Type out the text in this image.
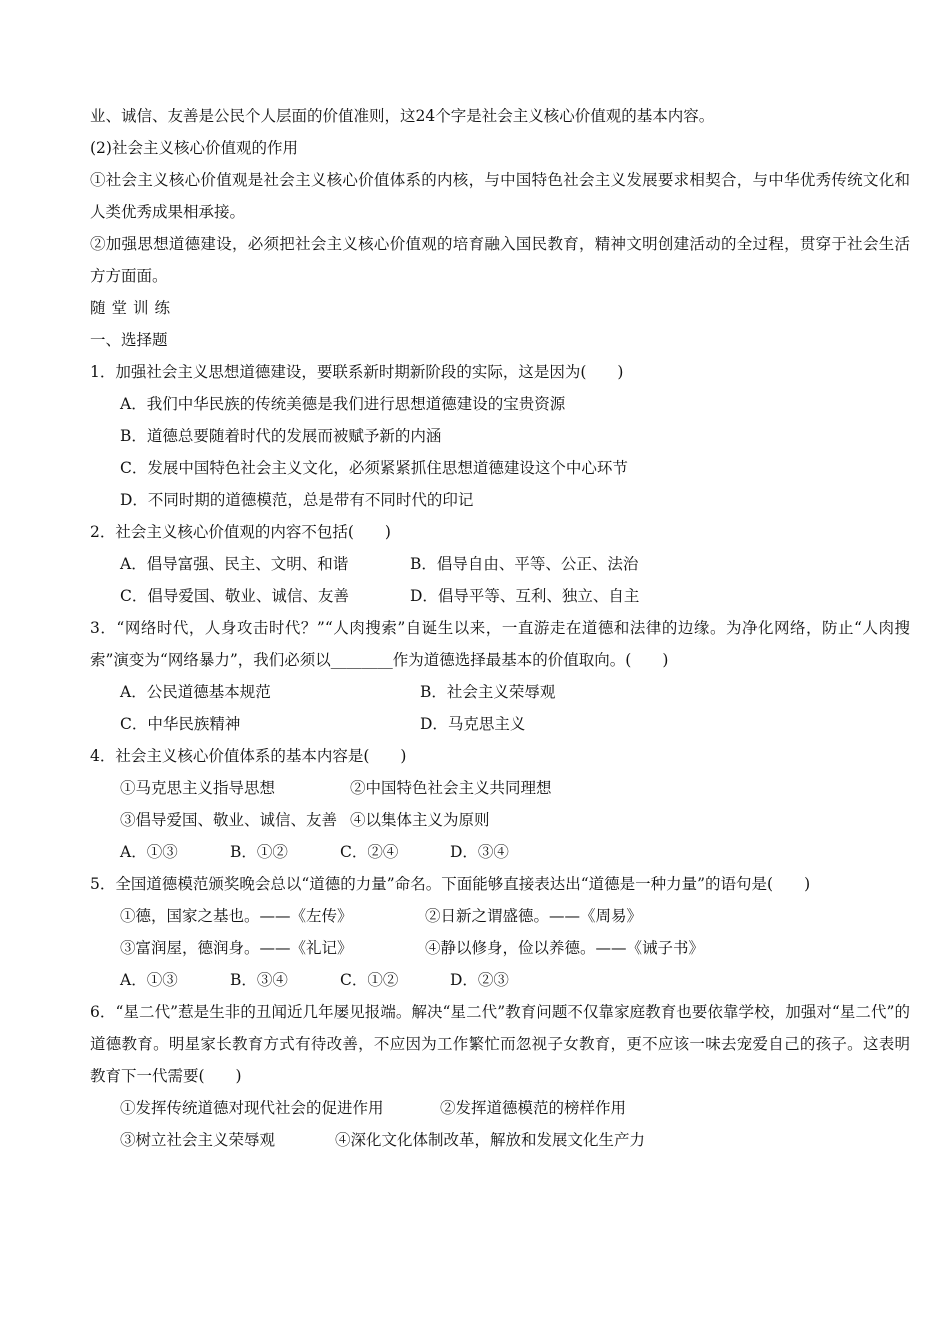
业、诚信、友善是公民个人层面的价值准则，这24个字是社会主义核心价值观的基本内容。
(2)社会主义核心价值观的作用
①社会主义核心价值观是社会主义核心价值体系的内核，与中国特色社会主义发展要求相契合，与中华优秀传统文化和人类优秀成果相承接。
②加强思想道德建设，必须把社会主义核心价值观的培育融入国民教育，精神文明创建活动的全过程，贯穿于社会生活方方面面。
随堂训练
一、选择题
1．加强社会主义思想道德建设，要联系新时期新阶段的实际，这是因为(　　)
A．我们中华民族的传统美德是我们进行思想道德建设的宝贵资源
B．道德总要随着时代的发展而被赋予新的内涵
C．发展中国特色社会主义文化，必须紧紧抓住思想道德建设这个中心环节
D．不同时期的道德模范，总是带有不同时代的印记
2．社会主义核心价值观的内容不包括(　　)
A．倡导富强、民主、文明、和谐	B．倡导自由、平等、公正、法治
C．倡导爱国、敬业、诚信、友善	D．倡导平等、互利、独立、自主
3．“网络时代，人身攻击时代？”“人肉搜索”自诞生以来，一直游走在道德和法律的边缘。为净化网络，防止“人肉搜索”演变为“网络暴力”，我们必须以________作为道德选择最基本的价值取向。(　　)
A．公民道德基本规范	B．社会主义荣辱观
C．中华民族精神	D．马克思主义
4．社会主义核心价值体系的基本内容是(　　)
①马克思主义指导思想	②中国特色社会主义共同理想
③倡导爱国、敬业、诚信、友善 ④以集体主义为原则
A．①③	B．①②	C．②④	D．③④
5．全国道德模范颁奖晚会总以“道德的力量”命名。下面能够直接表达出“道德是一种力量”的语句是(　　)
①德，国家之基也。——《左传》	②日新之谓盛德。——《周易》
③富润屋，德润身。——《礼记》	④静以修身，俭以养德。——《诫子书》
A．①③	B．③④	C．①②	D．②③
6．“星二代”惹是生非的丑闻近几年屡见报端。解决“星二代”教育问题不仅靠家庭教育也要依靠学校，加强对“星二代”的道德教育。明星家长教育方式有待改善，不应因为工作繁忙而忽视子女教育，更不应该一味去宠爱自己的孩子。这表明教育下一代需要(　　)
①发挥传统道德对现代社会的促进作用	②发挥道德模范的榜样作用
③树立社会主义荣辱观	④深化文化体制改革，解放和发展文化生产力
